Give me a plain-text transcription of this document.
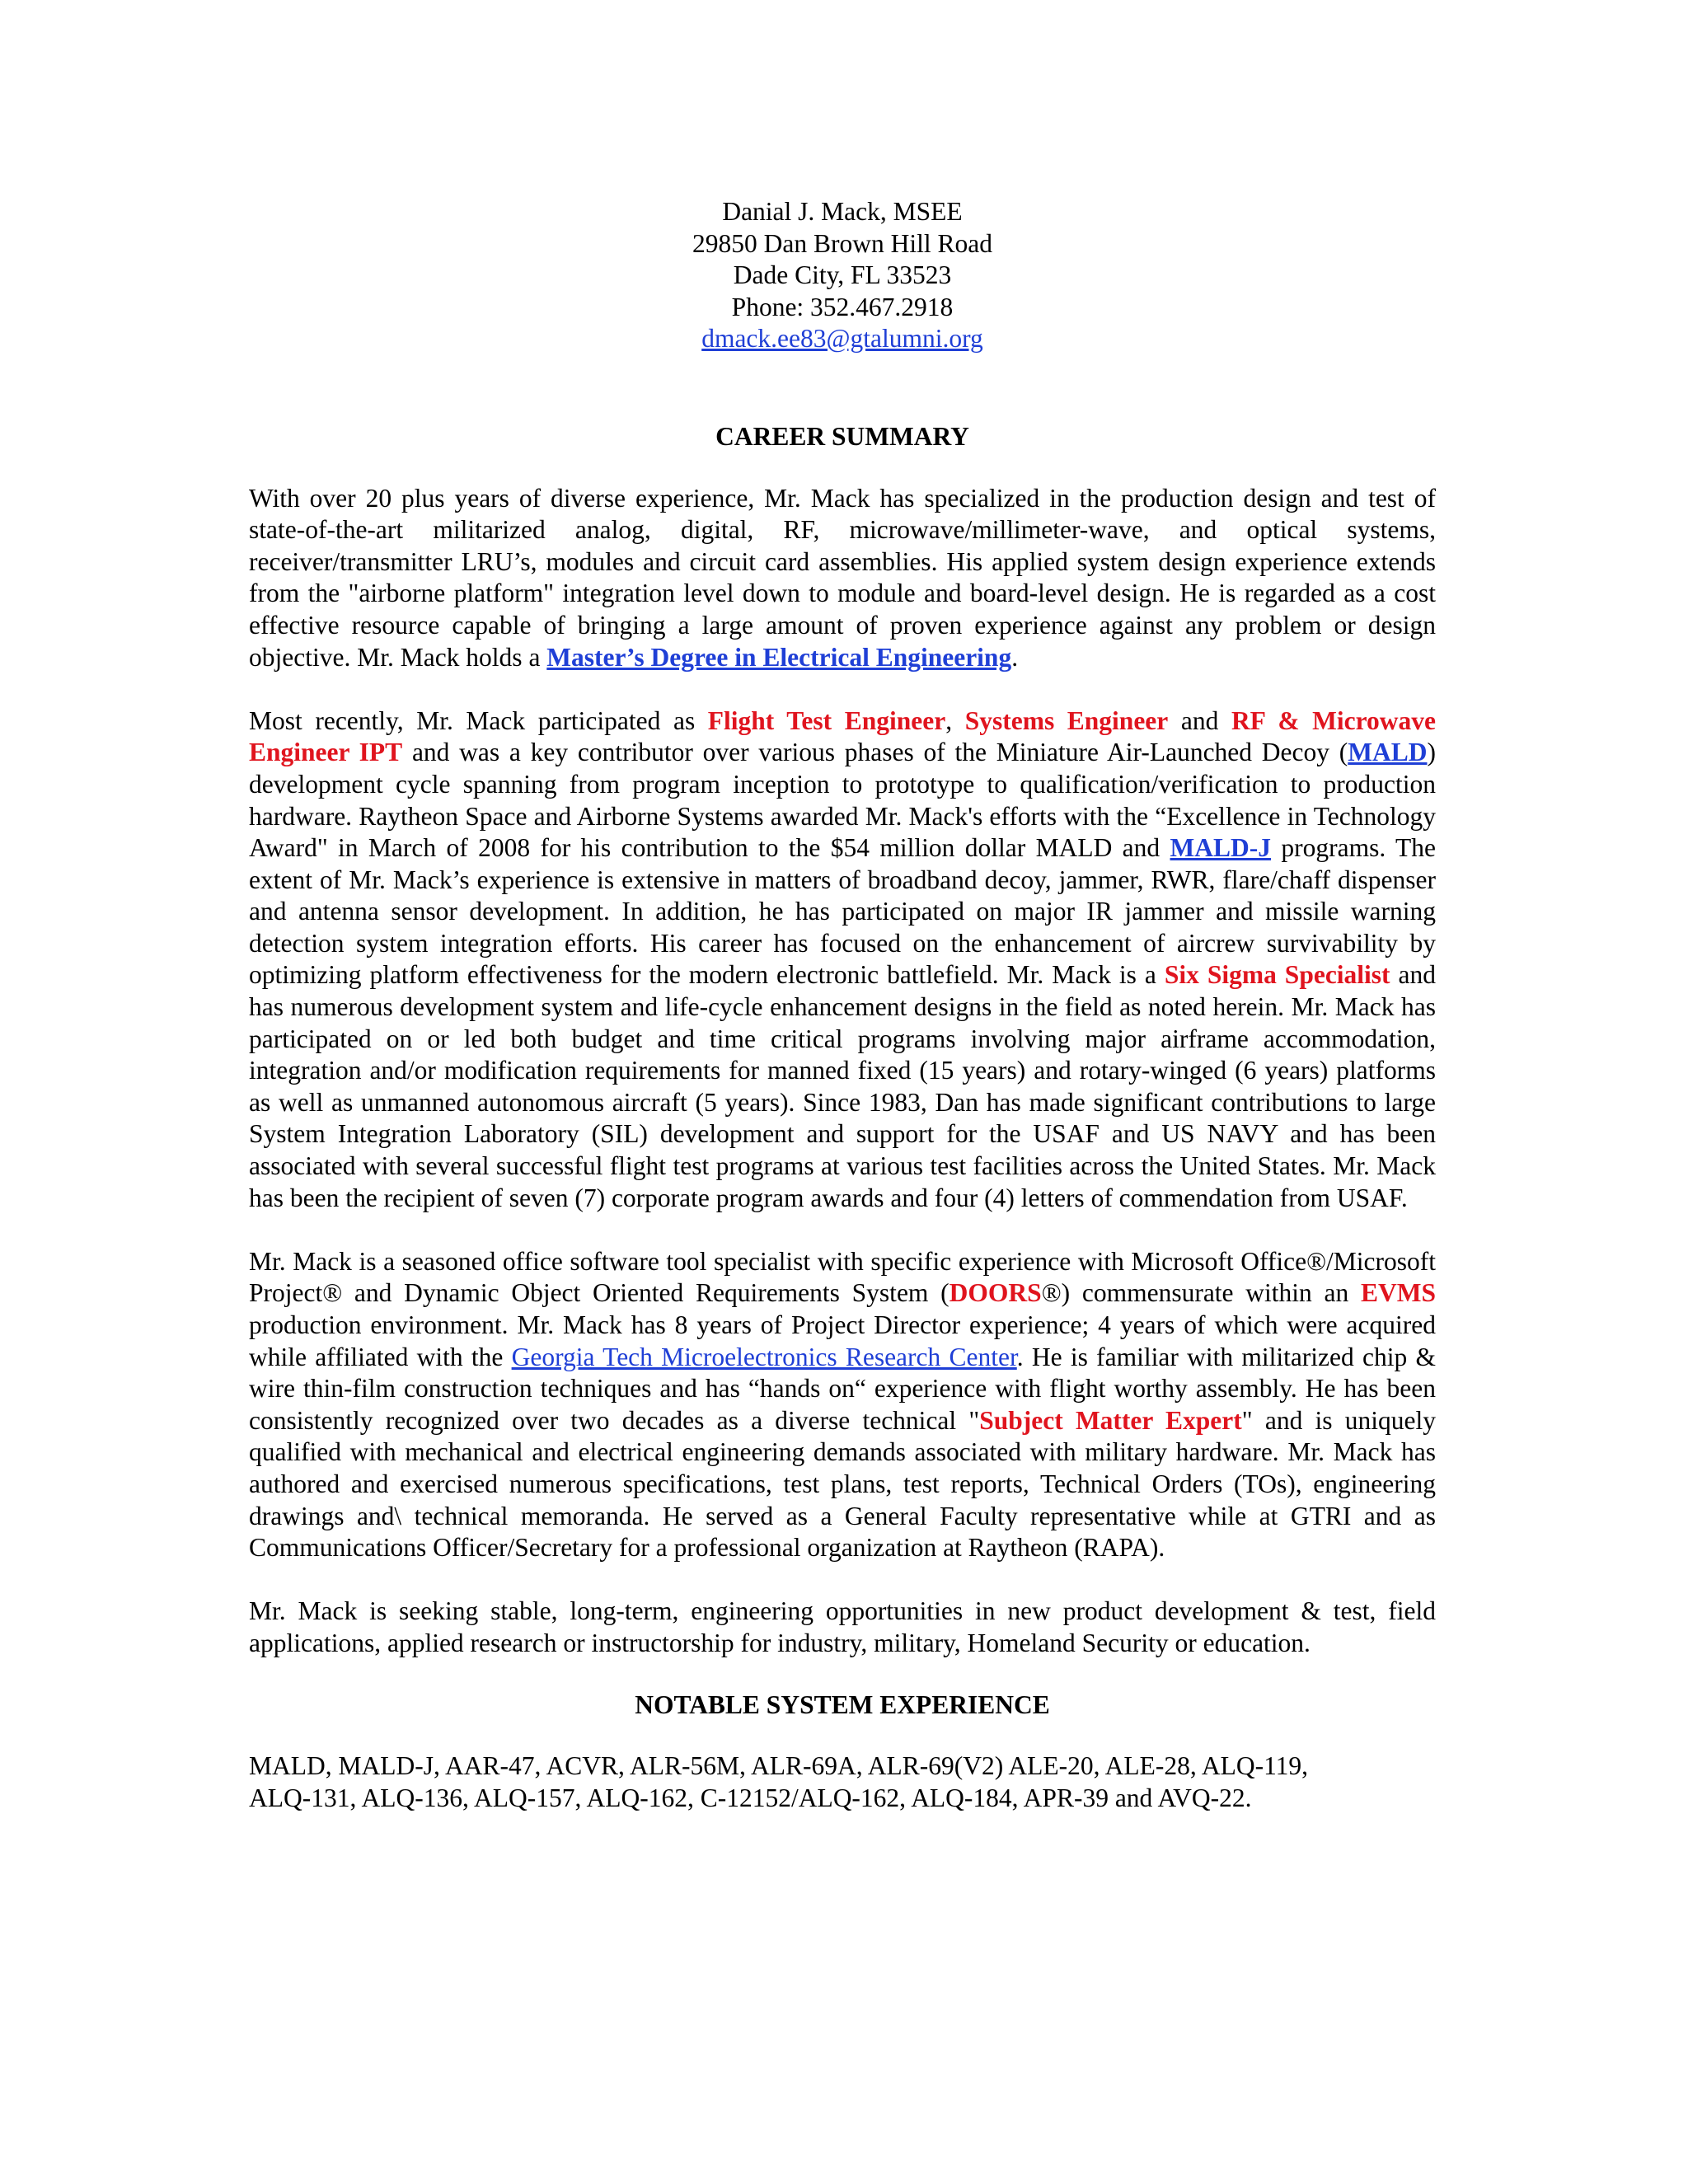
Danial J. Mack, MSEE
29850 Dan Brown Hill Road
Dade City, FL 33523
Phone: 352.467.2918
dmack.ee83@gtalumni.org
CAREER SUMMARY

With over 20 plus years of diverse experience, Mr. Mack has specialized in the production design and test of state-of-the-art militarized analog, digital, RF, microwave/millimeter-wave, and optical systems, receiver/transmitter LRU’s, modules and circuit card assemblies. His applied system design experience extends from the "airborne platform" integration level down to module and board-level design. He is regarded as a cost effective resource capable of bringing a large amount of proven experience against any problem or design objective. Mr. Mack holds a Master’s Degree in Electrical Engineering.

Most recently, Mr. Mack participated as Flight Test Engineer, Systems Engineer and RF & Microwave Engineer IPT and was a key contributor over various phases of the Miniature Air-Launched Decoy (MALD) development cycle spanning from program inception to prototype to qualification/verification to production hardware. Raytheon Space and Airborne Systems awarded Mr. Mack's efforts with the “Excellence in Technology Award" in March of 2008 for his contribution to the $54 million dollar MALD and MALD-J programs. The extent of Mr. Mack’s experience is extensive in matters of broadband decoy, jammer, RWR, flare/chaff dispenser and antenna sensor development. In addition, he has participated on major IR jammer and missile warning detection system integration efforts. His career has focused on the enhancement of aircrew survivability by optimizing platform effectiveness for the modern electronic battlefield. Mr. Mack is a Six Sigma Specialist and has numerous development system and life-cycle enhancement designs in the field as noted herein. Mr. Mack has participated on or led both budget and time critical programs involving major airframe accommodation, integration and/or modification requirements for manned fixed (15 years) and rotary-winged (6 years) platforms as well as unmanned autonomous aircraft (5 years). Since 1983, Dan has made significant contributions to large System Integration Laboratory (SIL) development and support for the USAF and US NAVY and has been associated with several successful flight test programs at various test facilities across the United States. Mr. Mack has been the recipient of seven (7) corporate program awards and four (4) letters of commendation from USAF.

Mr. Mack is a seasoned office software tool specialist with specific experience with Microsoft Office®/Microsoft Project® and Dynamic Object Oriented Requirements System (DOORS®) commensurate within an EVMS production environment. Mr. Mack has 8 years of Project Director experience; 4 years of which were acquired while affiliated with the Georgia Tech Microelectronics Research Center. He is familiar with militarized chip & wire thin-film construction techniques and has “hands on“ experience with flight worthy assembly. He has been consistently recognized over two decades as a diverse technical "Subject Matter Expert" and is uniquely qualified with mechanical and electrical engineering demands associated with military hardware. Mr. Mack has authored and exercised numerous specifications, test plans, test reports, Technical Orders (TOs), engineering drawings and\ technical memoranda. He served as a General Faculty representative while at GTRI and as Communications Officer/Secretary for a professional organization at Raytheon (RAPA).

Mr. Mack is seeking stable, long-term, engineering opportunities in new product development & test, field applications, applied research or instructorship for industry, military, Homeland Security or education.

NOTABLE SYSTEM EXPERIENCE
MALD, MALD-J, AAR-47, ACVR, ALR-56M, ALR-69A, ALR-69(V2) ALE-20, ALE-28, ALQ-119,
ALQ-131, ALQ-136, ALQ-157, ALQ-162, C-12152/ALQ-162, ALQ-184, APR-39 and AVQ-22.
